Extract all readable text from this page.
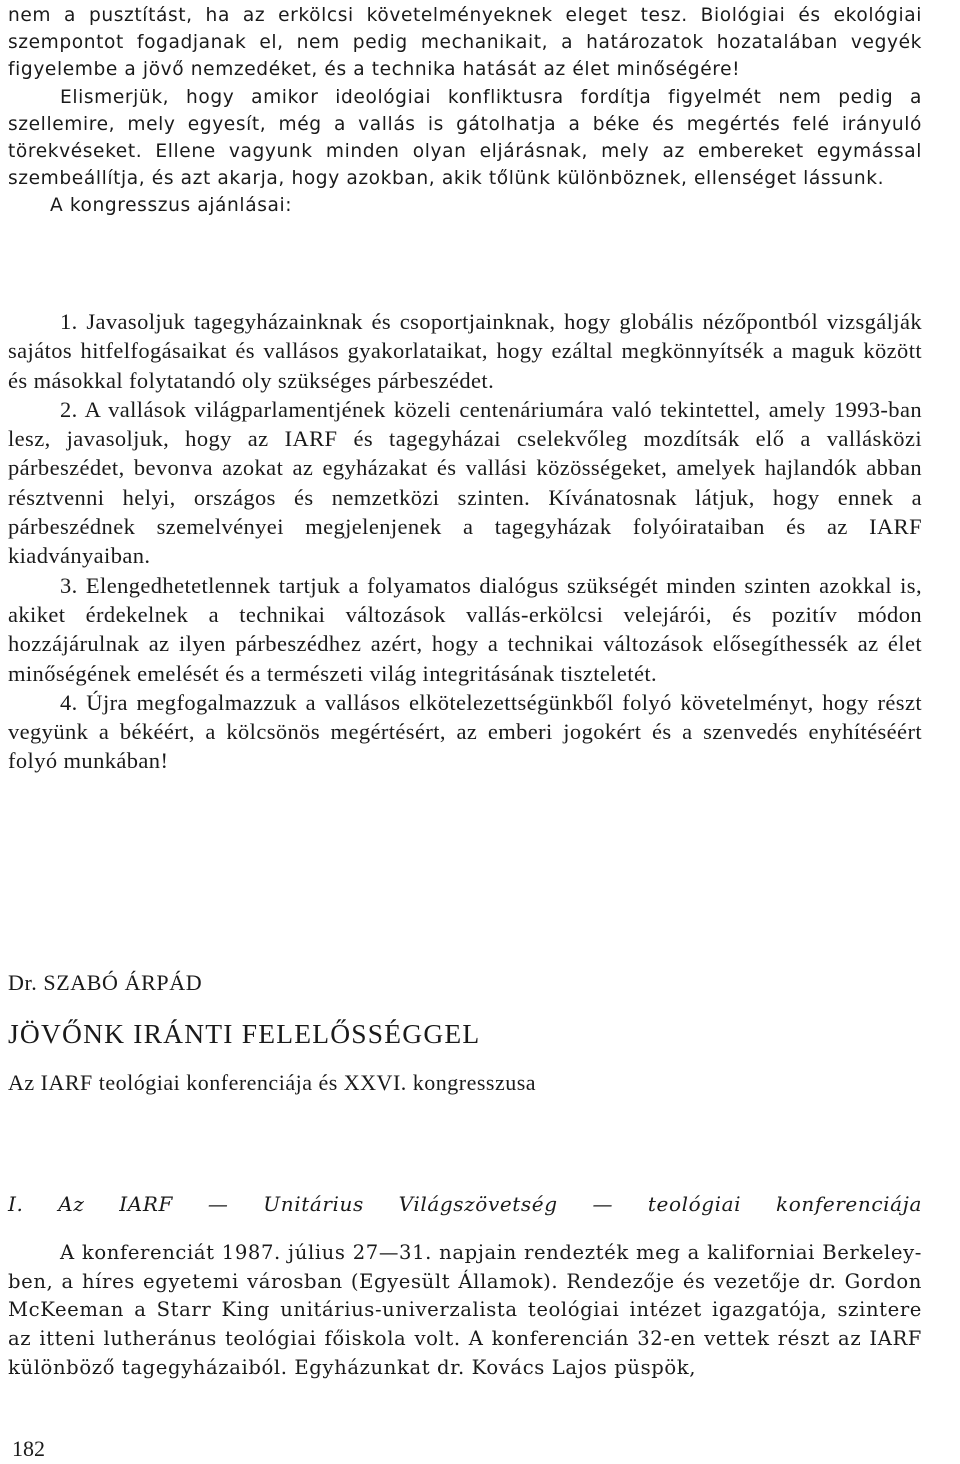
nem a pusztítást, ha az erkölcsi követelményeknek eleget tesz. Biológiai és ekológiai szempontot fogadjanak el, nem pedig mechanikait, a határozatok hozatalában vegyék figyelembe a jövő nemzedéket, és a technika hatását az élet minőségére!

Elismerjük, hogy amikor ideológiai konfliktusra fordítja figyelmét nem pedig a szellemire, mely egyesít, még a vallás is gátolhatja a béke és megértés felé irányuló törekvéseket. Ellene vagyunk minden olyan eljárásnak, mely az embereket egymással szembeállítja, és azt akarja, hogy azokban, akik tőlünk különböznek, ellenséget lássunk.

A kongresszus ajánlásai:

1. Javasoljuk tagegyházainknak és csoportjainknak, hogy globális nézőpontból vizsgálják sajátos hitfelfogásaikat és vallásos gyakorlataikat, hogy ezáltal megkönnyítsék a maguk között és másokkal folytatandó oly szükséges párbeszédet.

2. A vallások világparlamentjének közeli centenáriumára való tekintettel, amely 1993-ban lesz, javasoljuk, hogy az IARF és tagegyházai cselekvőleg mozdítsák elő a vallásközi párbeszédet, bevonva azokat az egyházakat és vallási közösségeket, amelyek hajlandók abban résztvenni helyi, országos és nemzetközi szinten. Kívánatosnak látjuk, hogy ennek a párbeszédnek szemelvényei megjelenjenek a tagegyházak folyóirataiban és az IARF kiadványaiban.

3. Elengedhetetlennek tartjuk a folyamatos dialógus szükségét minden szinten azokkal is, akiket érdekelnek a technikai változások vallás-erkölcsi velejárói, és pozitív módon hozzájárulnak az ilyen párbeszédhez azért, hogy a technikai változások elősegíthessék az élet minőségének emelését és a természeti világ integritásának tiszteletét.

4. Újra megfogalmazzuk a vallásos elkötelezettségünkből folyó követelményt, hogy részt vegyünk a békéért, a kölcsönös megértésért, az emberi jogokért és a szenvedés enyhítéséért folyó munkában!

Dr. SZABÓ ÁRPÁD
JÖVŐNK IRÁNTI FELELŐSSÉGGEL
Az IARF teológiai konferenciája és XXVI. kongresszusa
I. Az IARF — Unitárius Világszövetség — teológiai konferenciája

A konferenciát 1987. július 27—31. napjain rendezték meg a kaliforniai Berkeley-ben, a híres egyetemi városban (Egyesült Államok). Rendezője és vezetője dr. Gordon McKeeman a Starr King unitárius-univerzalista teológiai intézet igazgatója, szintere az itteni lutheránus teológiai főiskola volt. A konferencián 32-en vettek részt az IARF különböző tagegyházaiból. Egyházunkat dr. Kovács Lajos püspök,

182
